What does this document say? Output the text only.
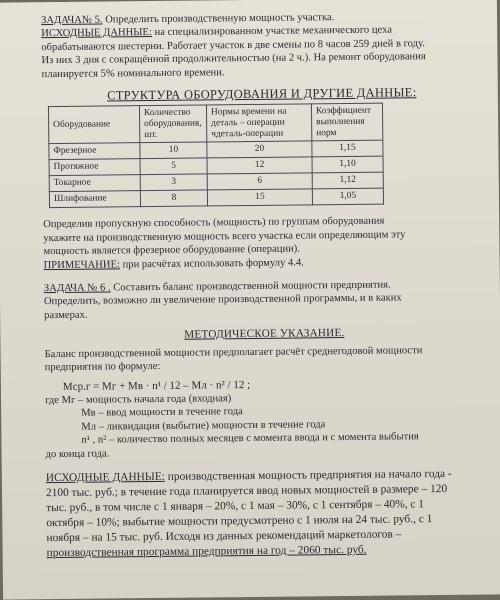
ЗАДАЧА№ 5. Определить производственную мощность участка.

ИСХОДНЫЕ ДАННЫЕ: на специализированном участке механического цеха

обрабатываются шестерни. Работает участок в две смены по 8 часов 259 дней в году.

Из них 3 дня с сокращённой продолжительностью (на 2 ч.). На ремонт оборудования

планируется 5% номинального времени.

СТРУКТУРА ОБОРУДОВАНИЯ И ДРУГИЕ ДАННЫЕ:
Оборудование	Количество оборудования, шт.	Нормы времени на деталь – операции чдеталь-операции	Коэффициент выполнения норм
Фрезерное	10	20	1,15
Протяжное	5	12	1,10
Токарное	3	6	1,12
Шлифование	8	15	1,05

Определив пропускную способность (мощность) по группам оборудования

укажите на производственную мощность всего участка если определяющим эту

мощность является фрезерное оборудование (операции).

ПРИМЕЧАНИЕ: при расчётах использовать формулу 4.4.

ЗАДАЧА № 6 . Составить баланс производственной мощности предприятия.

Определить, возможно ли увеличение производственной программы, и в каких

размерах.

МЕТОДИЧЕСКОЕ УКАЗАНИЕ.

Баланс производственной мощности предполагает расчёт среднегодовой мощности

предприятия по формуле:

Мср.г = Мг + Мв · n¹ / 12 – Мл · n² / 12 ;

где Мг – мощность начала года (входная)

Мв – ввод мощности в течение года

Мл – ликвидация (выбытие) мощности в течение года

n¹ , n² – количество полных месяцев с момента ввода и с момента выбытия

до конца года.

ИСХОДНЫЕ ДАННЫЕ: производственная мощность предприятия на начало года -

2100 тыс. руб.; в течение года планируется ввод новых мощностей в размере – 120

тыс. руб., в том числе с 1 января – 20%, с 1 мая – 30%, с 1 сентября – 40%, с 1

октября – 10%; выбытие мощности предусмотрено с 1 июля на 24 тыс. руб., с 1

ноября – на 15 тыс. руб. Исходя из данных рекомендаций маркетологов –

производственная программа предприятия на год – 2060 тыс. руб.
